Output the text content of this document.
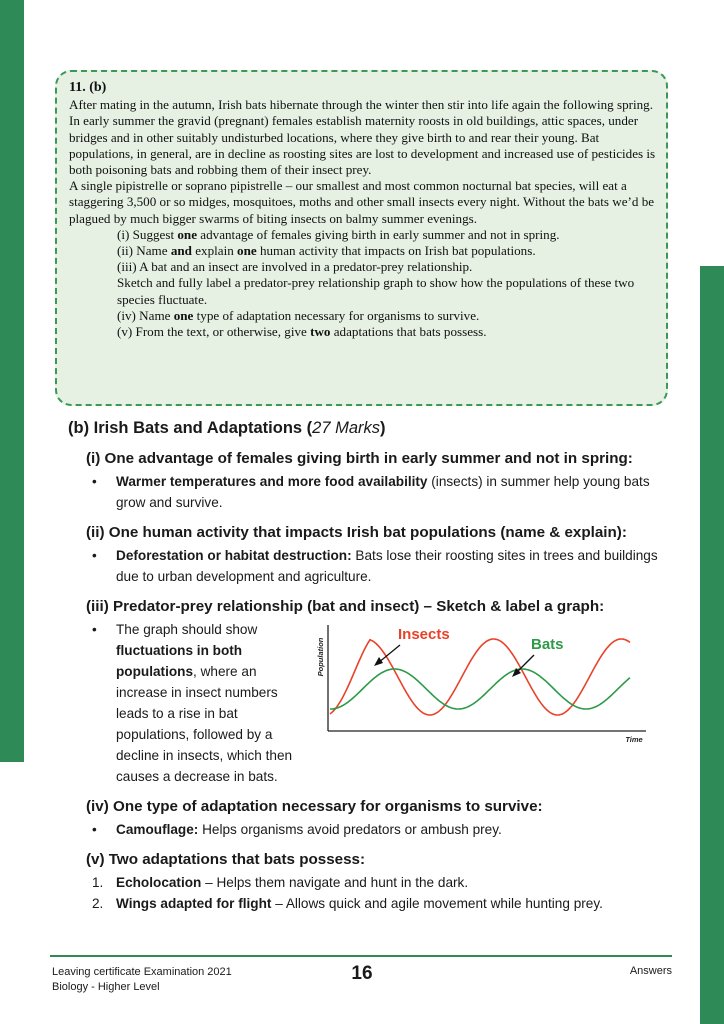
11. (b)

After mating in the autumn, Irish bats hibernate through the winter then stir into life again the following spring. In early summer the gravid (pregnant) females establish maternity roosts in old buildings, attic spaces, under bridges and in other suitably undisturbed locations, where they give birth to and rear their young. Bat populations, in general, are in decline as roosting sites are lost to development and increased use of pesticides is both poisoning bats and robbing them of their insect prey.

A single pipistrelle or soprano pipistrelle – our smallest and most common nocturnal bat species, will eat a staggering 3,500 or so midges, mosquitoes, moths and other small insects every night. Without the bats we’d be plagued by much bigger swarms of biting insects on balmy summer evenings.

(i) Suggest one advantage of females giving birth in early summer and not in spring.
(ii) Name and explain one human activity that impacts on Irish bat populations.
(iii) A bat and an insect are involved in a predator-prey relationship.
Sketch and fully label a predator-prey relationship graph to show how the populations of these two species fluctuate.
(iv) Name one type of adaptation necessary for organisms to survive.
(v) From the text, or otherwise, give two adaptations that bats possess.
(b) Irish Bats and Adaptations (27 Marks)
(i) One advantage of females giving birth in early summer and not in spring:
•	Warmer temperatures and more food availability (insects) in summer help young bats grow and survive.
(ii) One human activity that impacts Irish bat populations (name & explain):
•	Deforestation or habitat destruction: Bats lose their roosting sites in trees and buildings due to urban development and agriculture.
(iii) Predator-prey relationship (bat and insect) – Sketch & label a graph:
•	The graph should show fluctuations in both populations, where an increase in insect numbers leads to a rise in bat populations, followed by a decline in insects, which then causes a decrease in bats.
Population
Time
Insects
Bats
(iv) One type of adaptation necessary for organisms to survive:
•	Camouflage: Helps organisms avoid predators or ambush prey.
(v) Two adaptations that bats possess:
1. Echolocation – Helps them navigate and hunt in the dark.
2. Wings adapted for flight – Allows quick and agile movement while hunting prey.
Leaving certificate Examination 2021
Biology - Higher Level
16	Answers
